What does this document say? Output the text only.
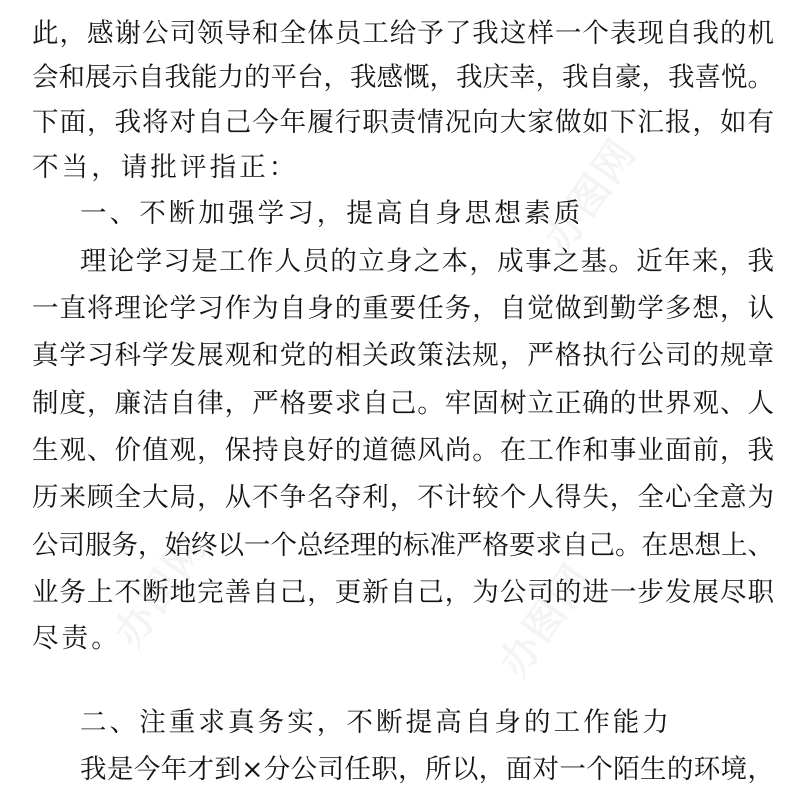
办图网
办图网	办图网
此，感谢公司领导和全体员工给予了我这样一个表现自我的机
会和展示自我能力的平台，我感慨，我庆幸，我自豪，我喜悦。
下面，我将对自己今年履行职责情况向大家做如下汇报，如有
不当，请批评指正：
一、不断加强学习，提高自身思想素质
理论学习是工作人员的立身之本，成事之基。近年来，我
一直将理论学习作为自身的重要任务，自觉做到勤学多想，认
真学习科学发展观和党的相关政策法规，严格执行公司的规章
制度，廉洁自律，严格要求自己。牢固树立正确的世界观、人
生观、价值观，保持良好的道德风尚。在工作和事业面前，我
历来顾全大局，从不争名夺利，不计较个人得失，全心全意为
公司服务，始终以一个总经理的标准严格要求自己。在思想上、
业务上不断地完善自己，更新自己，为公司的进一步发展尽职
尽责。
二、注重求真务实，不断提高自身的工作能力
我是今年才到×分公司任职，所以，面对一个陌生的环境，
